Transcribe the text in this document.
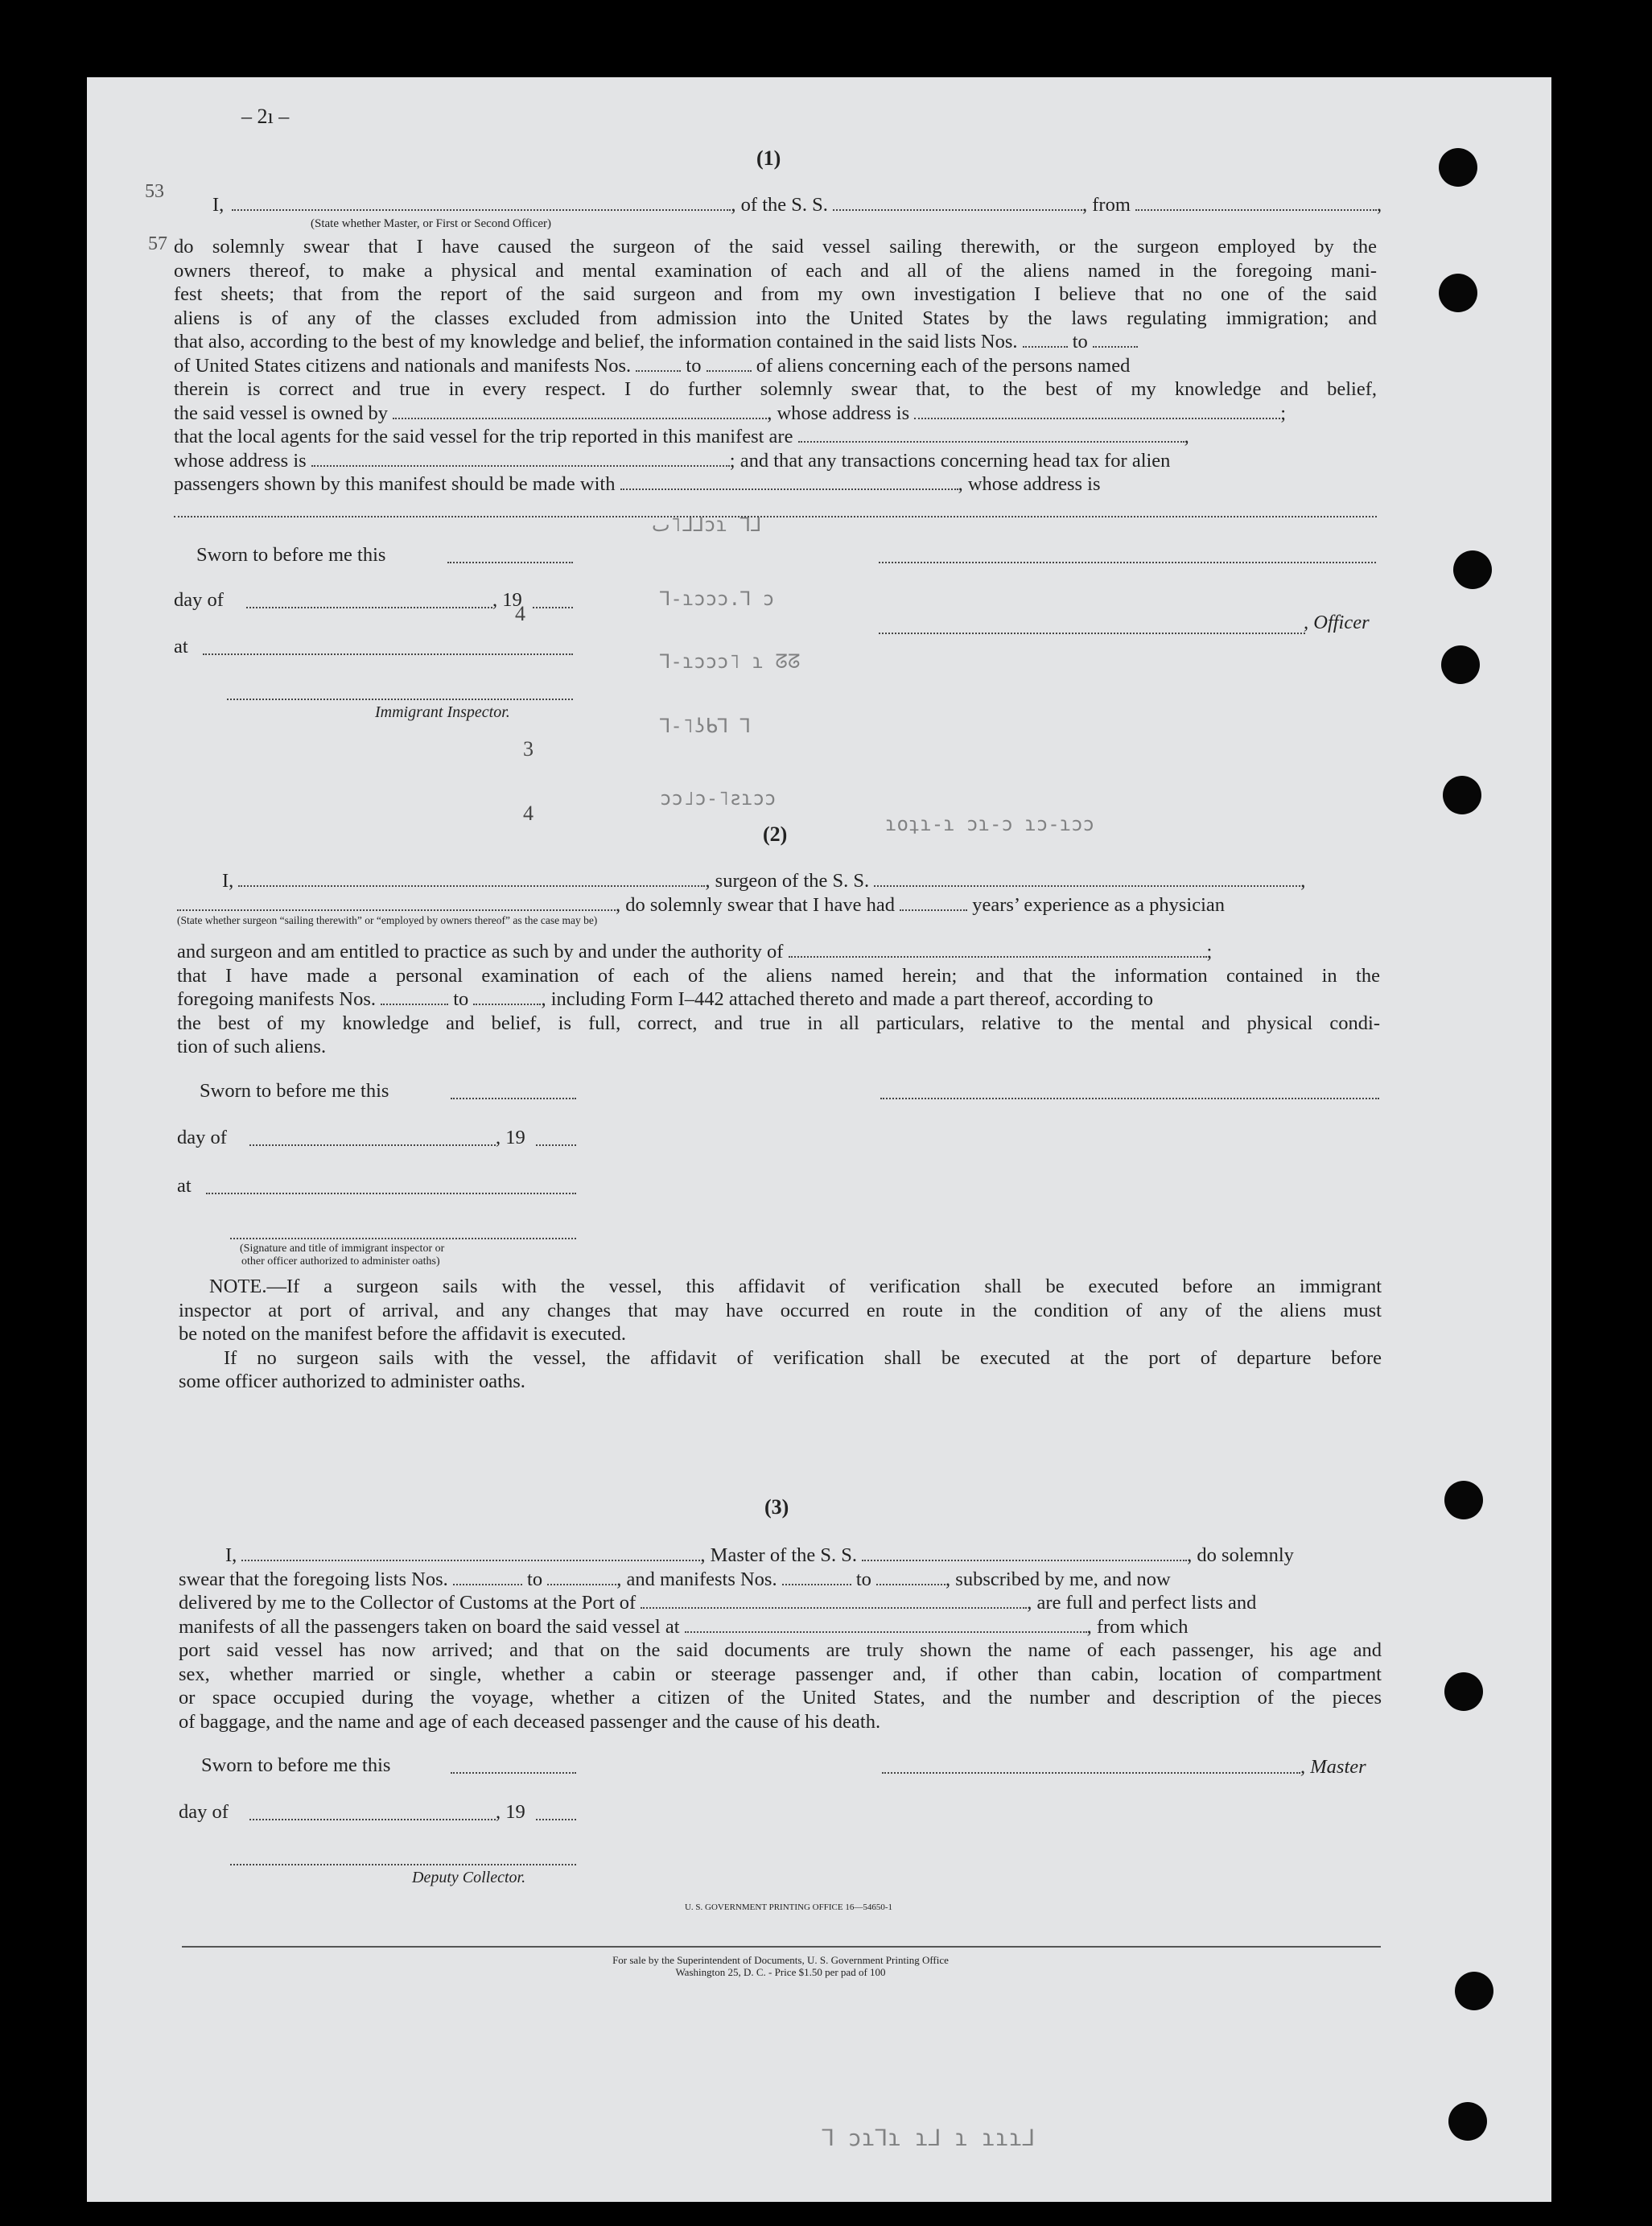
– 2ı –
53
57
(1)
I,	, of the S. S.	, from	,
(State whether Master, or First or Second Officer)
do solemnly swear that I have caused the surgeon of the said vessel sailing therewith, or the surgeon employed by the
owners thereof, to make a physical and mental examination of each and all of the aliens named in the foregoing mani-
fest sheets; that from the report of the said surgeon and from my own investigation I believe that no one of the said
aliens is of any of the classes excluded from admission into the United States by the laws regulating immigration; and
that also, according to the best of my knowledge and belief, the information contained in the said lists Nos.	to
of United States citizens and nationals and manifests Nos.	to	of aliens concerning each of the persons named
therein is correct and true in every respect. I do further solemnly swear that, to the best of my knowledge and belief,
the said vessel is owned by	, whose address is	;
that the local agents for the said vessel for the trip reported in this manifest are	,
whose address is	; and that any transactions concerning head tax for alien
passengers shown by this manifest should be made with	, whose address is
Sworn to before me this
day of	, 19
4
at
Immigrant Inspector.
, Officer
ٮ˥ᒧ⅃ɔɿ ᒣ⅃
⅂-ɿɔɔɔ.⅂ ɔ
⅂-ɿɔɔɔ˥ ɿ ᘔᘔ
⅂-˥ʖᑲ⅂ ⅂
ɔɔ˩ɔ-˥ƨɿɔɔ
ɿoʇɿ-ɿ ɔɿ-ɔ ɿɔ-ɿɔɔ
3
4
(2)
I,	, surgeon of the S. S.	,
, do solemnly swear that I have had	years’ experience as a physician
(State whether surgeon “sailing therewith” or “employed by owners thereof” as the case may be)
and surgeon and am entitled to practice as such by and under the authority of	;
that I have made a personal examination of each of the aliens named herein; and that the information contained in the
foregoing manifests Nos.	to	, including Form I–442 attached thereto and made a part thereof, according to
the best of my knowledge and belief, is full, correct, and true in all particulars, relative to the mental and physical condi-
tion of such aliens.
Sworn to before me this
day of	, 19
at
(Signature and title of immigrant inspector or
other officer authorized to administer oaths)
NOTE.—If a surgeon sails with the vessel, this affidavit of verification shall be executed before an immigrant
inspector at port of arrival, and any changes that may have occurred en route in the condition of any of the aliens must
be noted on the manifest before the affidavit is executed.
If no surgeon sails with the vessel, the affidavit of verification shall be executed at the port of departure before
some officer authorized to administer oaths.
(3)
I,	, Master of the S. S.	, do solemnly
swear that the foregoing lists Nos.	to	, and manifests Nos.	to	, subscribed by me, and now
delivered by me to the Collector of Customs at the Port of	, are full and perfect lists and
manifests of all the passengers taken on board the said vessel at	, from which
port said vessel has now arrived; and that on the said documents are truly shown the name of each passenger, his age and
sex, whether married or single, whether a cabin or steerage passenger and, if other than cabin, location of compartment
or space occupied during the voyage, whether a citizen of the United States, and the number and description of the pieces
of baggage, and the name and age of each deceased passenger and the cause of his death.
Sworn to before me this	, Master
day of	, 19
Deputy Collector.
U. S. GOVERNMENT PRINTING OFFICE 16—54650-1
For sale by the Superintendent of Documents, U. S. Government Printing Office
Washington 25, D. C. - Price $1.50 per pad of 100
ᒣ ɔɿ⅂ɿ ɿ⅃ ɿ ɿɿɿ⅃
